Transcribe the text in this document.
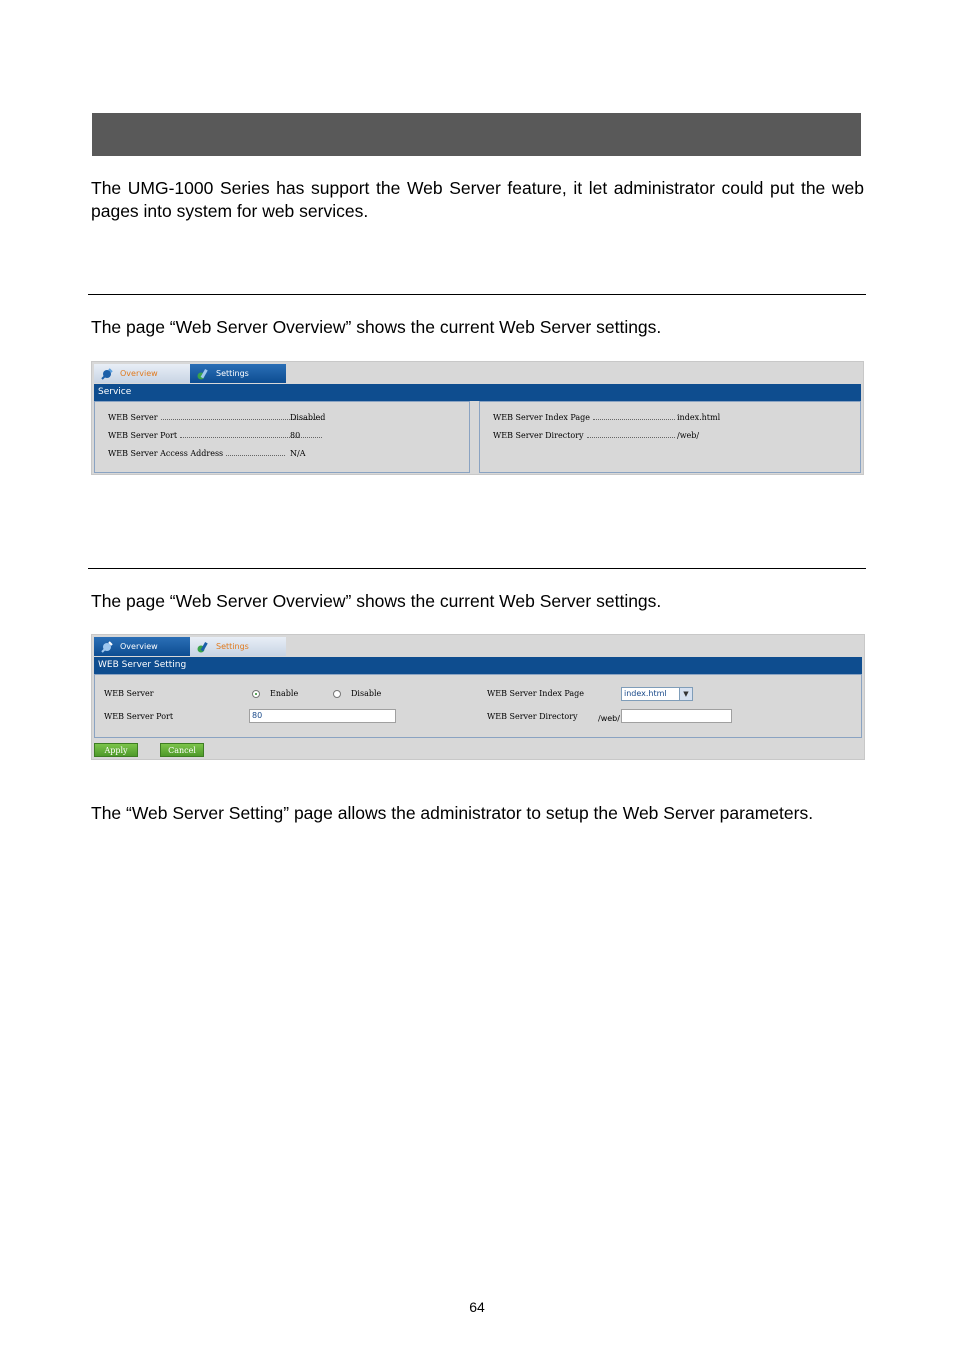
The UMG-1000 Series has support the Web Server feature, it let administrator could put the web pages into system for web services.
The page “Web Server Overview” shows the current Web Server settings.
Overview	Settings
Service
WEB Server	Disabled
WEB Server Port	80
WEB Server Access Address	N/A
WEB Server Index Page	index.html
WEB Server Directory	/web/
The page “Web Server Overview” shows the current Web Server settings.
Overview	Settings
WEB Server Setting
WEB Server	Enable	Disable
WEB Server Port	80
WEB Server Index Page	index.html	▼
WEB Server Directory	/web/
Apply	Cancel
The “Web Server Setting” page allows the administrator to setup the Web Server parameters.
64
